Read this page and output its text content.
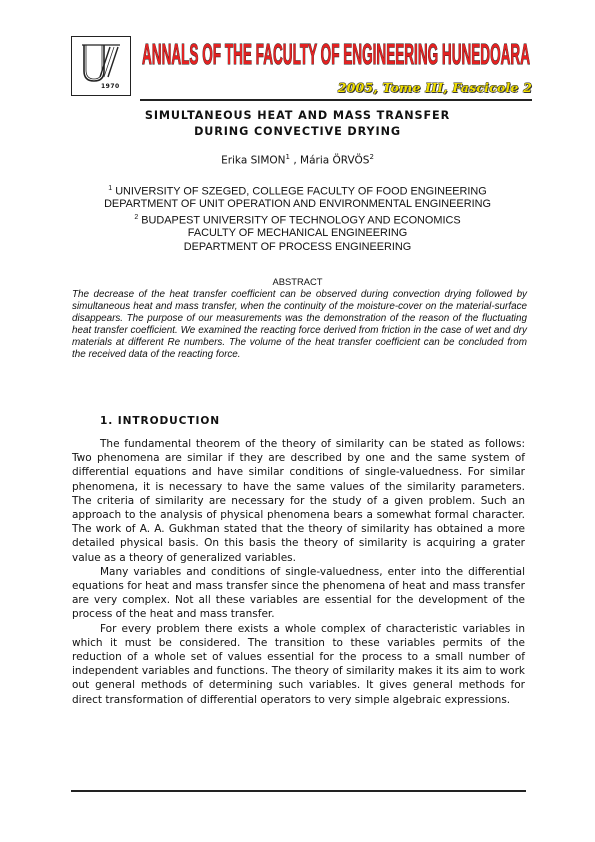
1970
ANNALS OF THE FACULTY OF ENGINEERING HUNEDOARA
2005, Tome III, Fascicole 2
SIMULTANEOUS HEAT AND MASS TRANSFER
DURING CONVECTIVE DRYING
Erika SIMON$^1$ , Mária ÖRVÖS$^2$
$^1$ UNIVERSITY OF SZEGED, COLLEGE FACULTY OF FOOD ENGINEERING
DEPARTMENT OF UNIT OPERATION AND ENVIRONMENTAL ENGINEERING
$^2$ BUDAPEST UNIVERSITY OF TECHNOLOGY AND ECONOMICS
FACULTY OF MECHANICAL ENGINEERING
DEPARTMENT OF PROCESS ENGINEERING
ABSTRACT
The decrease of the heat transfer coefficient can be observed during convection drying followed by simultaneous heat and mass transfer, when the continuity of the moisture-cover on the material-surface disappears. The purpose of our measurements was the demonstration of the reason of the fluctuating heat transfer coefficient. We examined the reacting force derived from friction in the case of wet and dry materials at different Re numbers. The volume of the heat transfer coefficient can be concluded from the received data of the reacting force.
1. INTRODUCTION

The fundamental theorem of the theory of similarity can be stated as follows: Two phenomena are similar if they are described by one and the same system of differential equations and have similar conditions of single-valuedness. For similar phenomena, it is necessary to have the same values of the similarity parameters. The criteria of similarity are necessary for the study of a given problem. Such an approach to the analysis of physical phenomena bears a somewhat formal character. The work of A. A. Gukhman stated that the theory of similarity has obtained a more detailed physical basis. On this basis the theory of similarity is acquiring a grater value as a theory of generalized variables.

Many variables and conditions of single-valuedness, enter into the differential equations for heat and mass transfer since the phenomena of heat and mass transfer are very complex. Not all these variables are essential for the development of the process of the heat and mass transfer.

For every problem there exists a whole complex of characteristic variables in which it must be considered. The transition to these variables permits of the reduction of a whole set of values essential for the process to a small number of independent variables and functions. The theory of similarity makes it its aim to work out general methods of determining such variables. It gives general methods for direct transformation of differential operators to very simple algebraic expressions.
